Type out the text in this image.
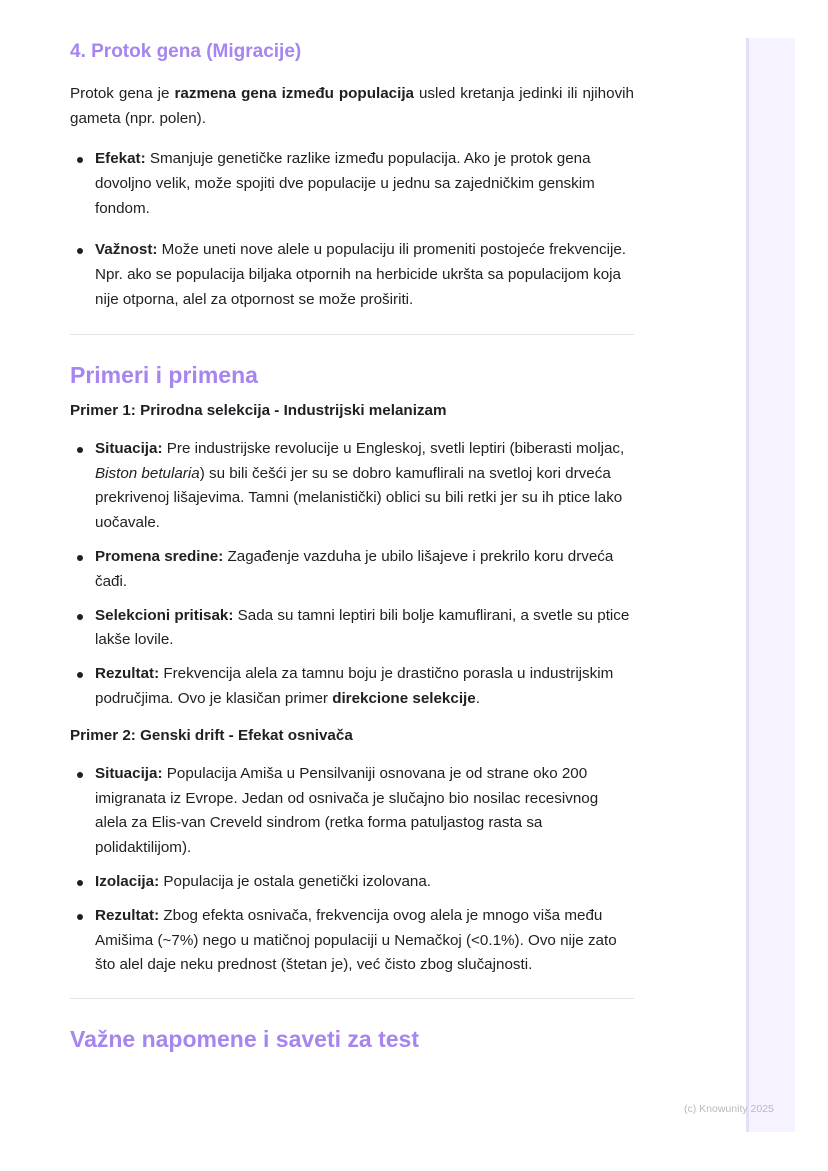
4. Protok gena (Migracije)

Protok gena je razmena gena između populacija usled kretanja jedinki ili njihovih gameta (npr. polen).

Efekat: Smanjuje genetičke razlike između populacija. Ako je protok gena dovoljno velik, može spojiti dve populacije u jednu sa zajedničkim genskim fondom.
Važnost: Može uneti nove alele u populaciju ili promeniti postojeće frekvencije. Npr. ako se populacija biljaka otpornih na herbicide ukršta sa populacijom koja nije otporna, alel za otpornost se može proširiti.
Primeri i primena
Primer 1: Prirodna selekcija - Industrijski melanizam
Situacija: Pre industrijske revolucije u Engleskoj, svetli leptiri (biberasti moljac, Biston betularia) su bili češći jer su se dobro kamuflirali na svetloj kori drveća prekrivenoj lišajevima. Tamni (melanistički) oblici su bili retki jer su ih ptice lako uočavale.
Promena sredine: Zagađenje vazduha je ubilo lišajeve i prekrilo koru drveća čađi.
Selekcioni pritisak: Sada su tamni leptiri bili bolje kamuflirani, a svetle su ptice lakše lovile.
Rezultat: Frekvencija alela za tamnu boju je drastično porasla u industrijskim područjima. Ovo je klasičan primer direkcione selekcije.
Primer 2: Genski drift - Efekat osnivača
Situacija: Populacija Amiša u Pensilvaniji osnovana je od strane oko 200 imigranata iz Evrope. Jedan od osnivača je slučajno bio nosilac recesivnog alela za Elis-van Creveld sindrom (retka forma patuljastog rasta sa polidaktilijom).
Izolacija: Populacija je ostala genetički izolovana.
Rezultat: Zbog efekta osnivača, frekvencija ovog alela je mnogo viša među Amišima (~7%) nego u matičnoj populaciji u Nemačkoj (<0.1%). Ovo nije zato što alel daje neku prednost (štetan je), već čisto zbog slučajnosti.
Važne napomene i saveti za test
(c) Knowunity 2025
